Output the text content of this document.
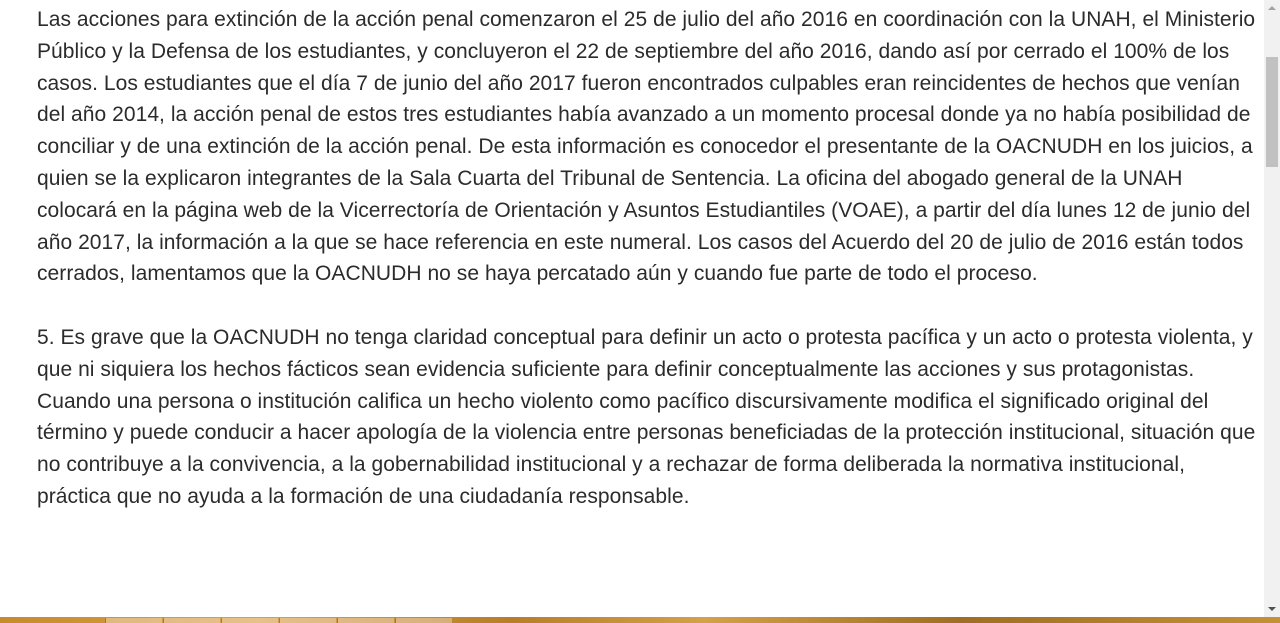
Las acciones para extinción de la acción penal comenzaron el 25 de julio del año 2016 en coordinación con la UNAH, el Ministerio Público y la Defensa de los estudiantes, y concluyeron el 22 de septiembre del año 2016, dando así por cerrado el 100% de los casos. Los estudiantes que el día 7 de junio del año 2017 fueron encontrados culpables eran reincidentes de hechos que venían del año 2014, la acción penal de estos tres estudiantes había avanzado a un momento procesal donde ya no había posibilidad de conciliar y de una extinción de la acción penal. De esta información es conocedor el presentante de la OACNUDH en los juicios, a quien se la explicaron integrantes de la Sala Cuarta del Tribunal de Sentencia. La oficina del abogado general de la UNAH colocará en la página web de la Vicerrectoría de Orientación y Asuntos Estudiantiles (VOAE), a partir del día lunes 12 de junio del año 2017, la información a la que se hace referencia en este numeral. Los casos del Acuerdo del 20 de julio de 2016 están todos cerrados, lamentamos que la OACNUDH no se haya percatado aún y cuando fue parte de todo el proceso.

5. Es grave que la OACNUDH no tenga claridad conceptual para definir un acto o protesta pacífica y un acto o protesta violenta, y que ni siquiera los hechos fácticos sean evidencia suficiente para definir conceptualmente las acciones y sus protagonistas. Cuando una persona o institución califica un hecho violento como pacífico discursivamente modifica el significado original del término y puede conducir a hacer apología de la violencia entre personas beneficiadas de la protección institucional, situación que no contribuye a la convivencia, a la gobernabilidad institucional y a rechazar de forma deliberada la normativa institucional, práctica que no ayuda a la formación de una ciudadanía responsable.
